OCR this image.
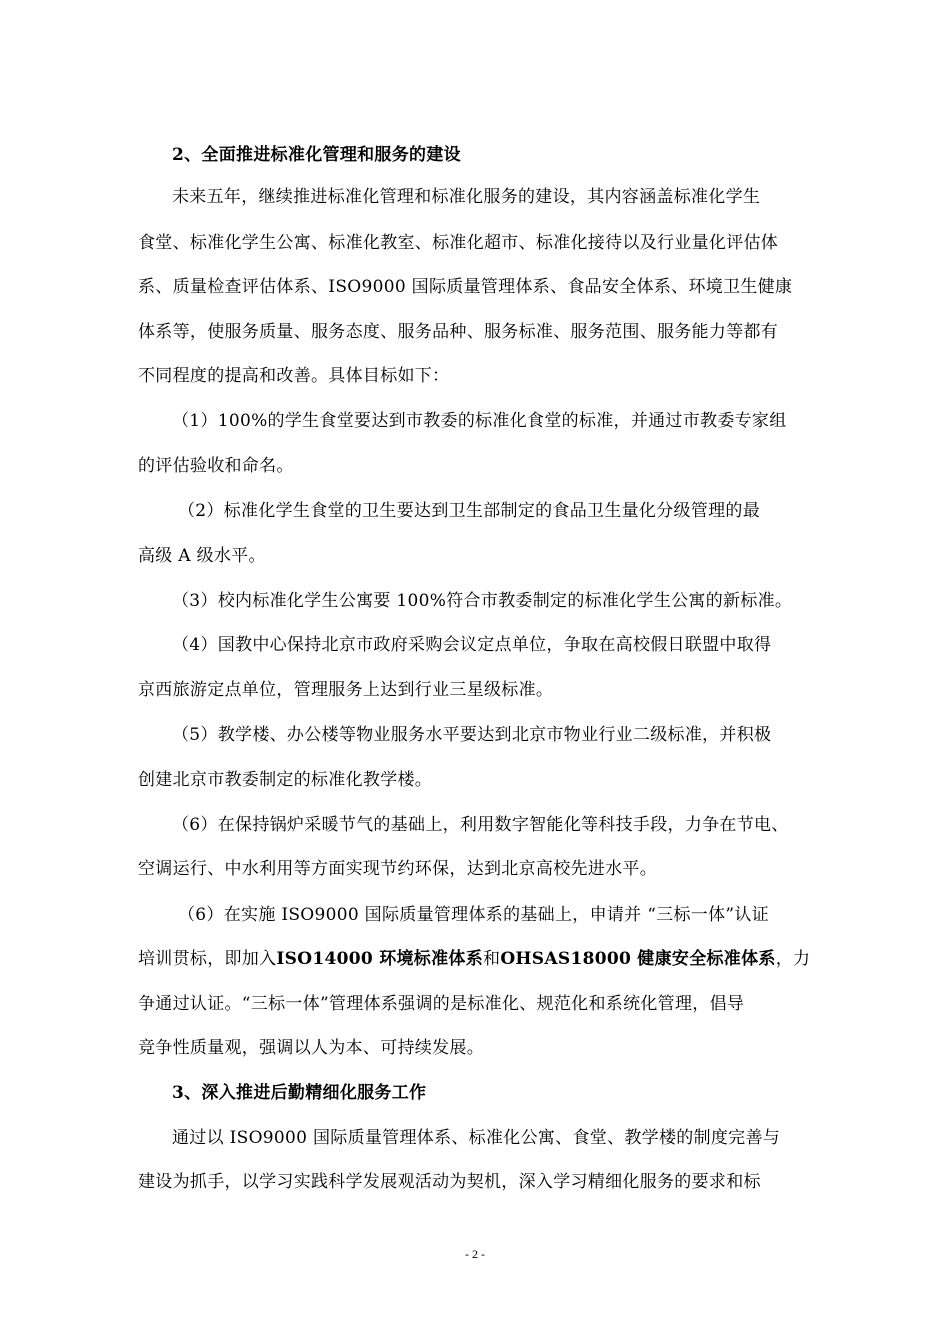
2、全面推进标准化管理和服务的建设
未来五年，继续推进标准化管理和标准化服务的建设，其内容涵盖标准化学生
食堂、标准化学生公寓、标准化教室、标准化超市、标准化接待以及行业量化评估体
系、质量检查评估体系、ISO9000 国际质量管理体系、食品安全体系、环境卫生健康
体系等，使服务质量、服务态度、服务品种、服务标准、服务范围、服务能力等都有
不同程度的提高和改善。具体目标如下：
（1）100%的学生食堂要达到市教委的标准化食堂的标准，并通过市教委专家组
的评估验收和命名。
（2）标准化学生食堂的卫生要达到卫生部制定的食品卫生量化分级管理的最
高级 A 级水平。
（3）校内标准化学生公寓要 100%符合市教委制定的标准化学生公寓的新标准。
（4）国教中心保持北京市政府采购会议定点单位，争取在高校假日联盟中取得
京西旅游定点单位，管理服务上达到行业三星级标准。
（5）教学楼、办公楼等物业服务水平要达到北京市物业行业二级标准，并积极
创建北京市教委制定的标准化教学楼。
（6）在保持锅炉采暖节气的基础上，利用数字智能化等科技手段，力争在节电、
空调运行、中水利用等方面实现节约环保，达到北京高校先进水平。
（6）在实施 ISO9000 国际质量管理体系的基础上，申请并 “三标一体”认证
培训贯标，即加入ISO14000 环境标准体系和OHSAS18000 健康安全标准体系，力
争通过认证。“三标一体”管理体系强调的是标准化、规范化和系统化管理，倡导
竞争性质量观，强调以人为本、可持续发展。
3、深入推进后勤精细化服务工作
通过以 ISO9000 国际质量管理体系、标准化公寓、食堂、教学楼的制度完善与
建设为抓手，以学习实践科学发展观活动为契机，深入学习精细化服务的要求和标
- 2 -
